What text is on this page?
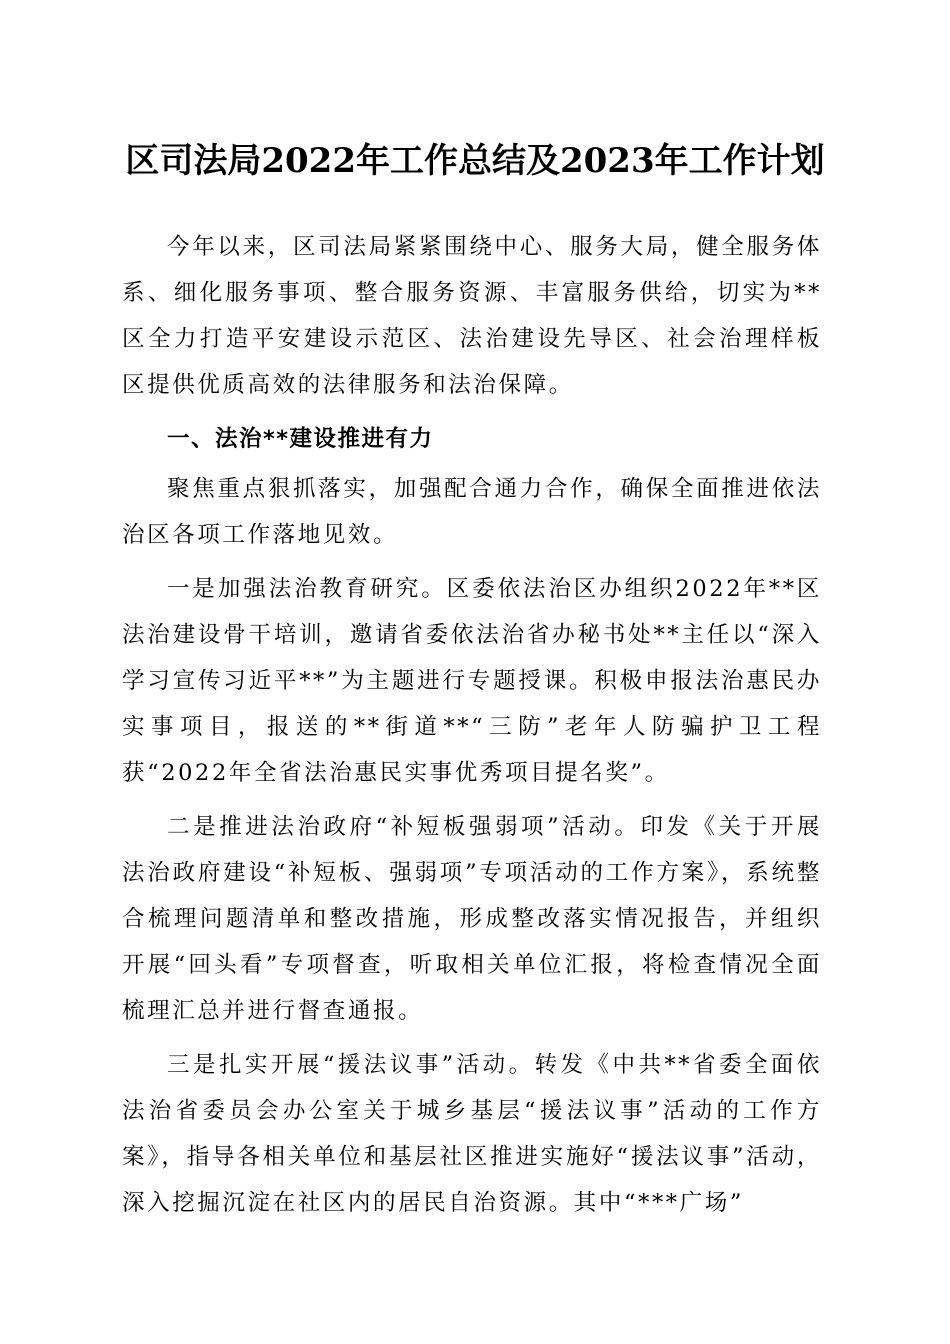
区司法局2022年工作总结及2023年工作计划

今年以来，区司法局紧紧围绕中心、服务大局，健全服务体系、细化服务事项、整合服务资源、丰富服务供给，切实为**区全力打造平安建设示范区、法治建设先导区、社会治理样板区提供优质高效的法律服务和法治保障。

一、法治**建设推进有力

聚焦重点狠抓落实，加强配合通力合作，确保全面推进依法治区各项工作落地见效。

一是加强法治教育研究。区委依法治区办组织2022年**区法治建设骨干培训，邀请省委依法治省办秘书处**主任以“深入学习宣传习近平**”为主题进行专题授课。积极申报法治惠民办实事项目，报送的**街道**“三防”老年人防骗护卫工程获“2022年全省法治惠民实事优秀项目提名奖”。

二是推进法治政府“补短板强弱项”活动。印发《关于开展法治政府建设“补短板、强弱项”专项活动的工作方案》，系统整合梳理问题清单和整改措施，形成整改落实情况报告，并组织开展“回头看”专项督查，听取相关单位汇报，将检查情况全面梳理汇总并进行督查通报。

三是扎实开展“援法议事”活动。转发《中共**省委全面依法治省委员会办公室关于城乡基层“援法议事”活动的工作方案》，指导各相关单位和基层社区推进实施好“援法议事”活动，深入挖掘沉淀在社区内的居民自治资源。其中“***广场”
